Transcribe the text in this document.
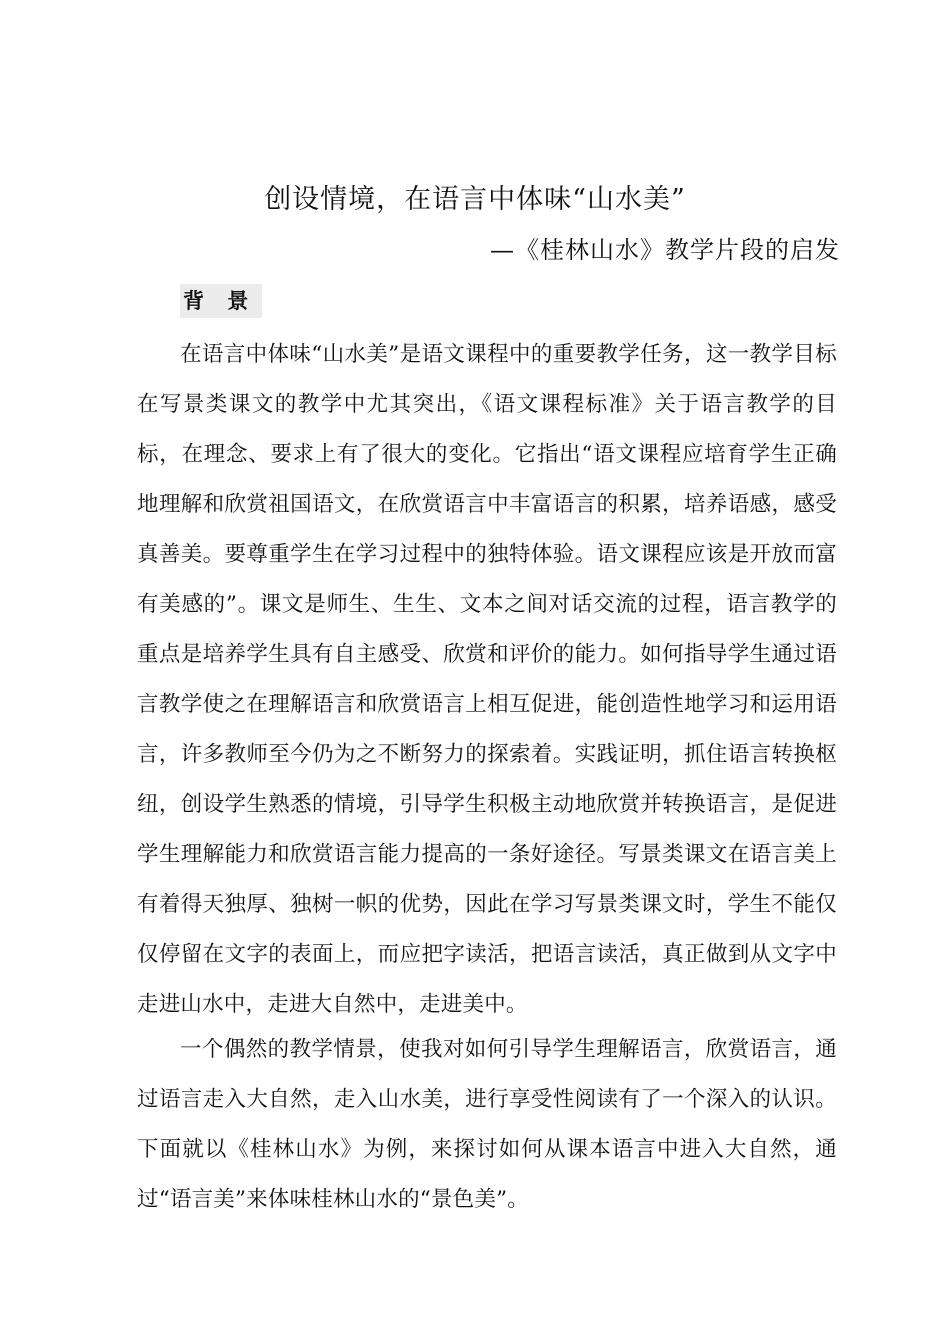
创设情境，在语言中体味“山水美”
—《桂林山水》教学片段的启发
背 景

在语言中体味“山水美”是语文课程中的重要教学任务，这一教学目标在写景类课文的教学中尤其突出，《语文课程标准》关于语言教学的目标，在理念、要求上有了很大的变化。它指出“语文课程应培育学生正确地理解和欣赏祖国语文，在欣赏语言中丰富语言的积累，培养语感，感受真善美。要尊重学生在学习过程中的独特体验。语文课程应该是开放而富有美感的”。课文是师生、生生、文本之间对话交流的过程，语言教学的重点是培养学生具有自主感受、欣赏和评价的能力。如何指导学生通过语言教学使之在理解语言和欣赏语言上相互促进，能创造性地学习和运用语言，许多教师至今仍为之不断努力的探索着。实践证明，抓住语言转换枢纽，创设学生熟悉的情境，引导学生积极主动地欣赏并转换语言，是促进学生理解能力和欣赏语言能力提高的一条好途径。写景类课文在语言美上有着得天独厚、独树一帜的优势，因此在学习写景类课文时，学生不能仅仅停留在文字的表面上，而应把字读活，把语言读活，真正做到从文字中走进山水中，走进大自然中，走进美中。

一个偶然的教学情景，使我对如何引导学生理解语言，欣赏语言，通过语言走入大自然，走入山水美，进行享受性阅读有了一个深入的认识。下面就以《桂林山水》为例，来探讨如何从课本语言中进入大自然，通过“语言美”来体味桂林山水的“景色美”。
